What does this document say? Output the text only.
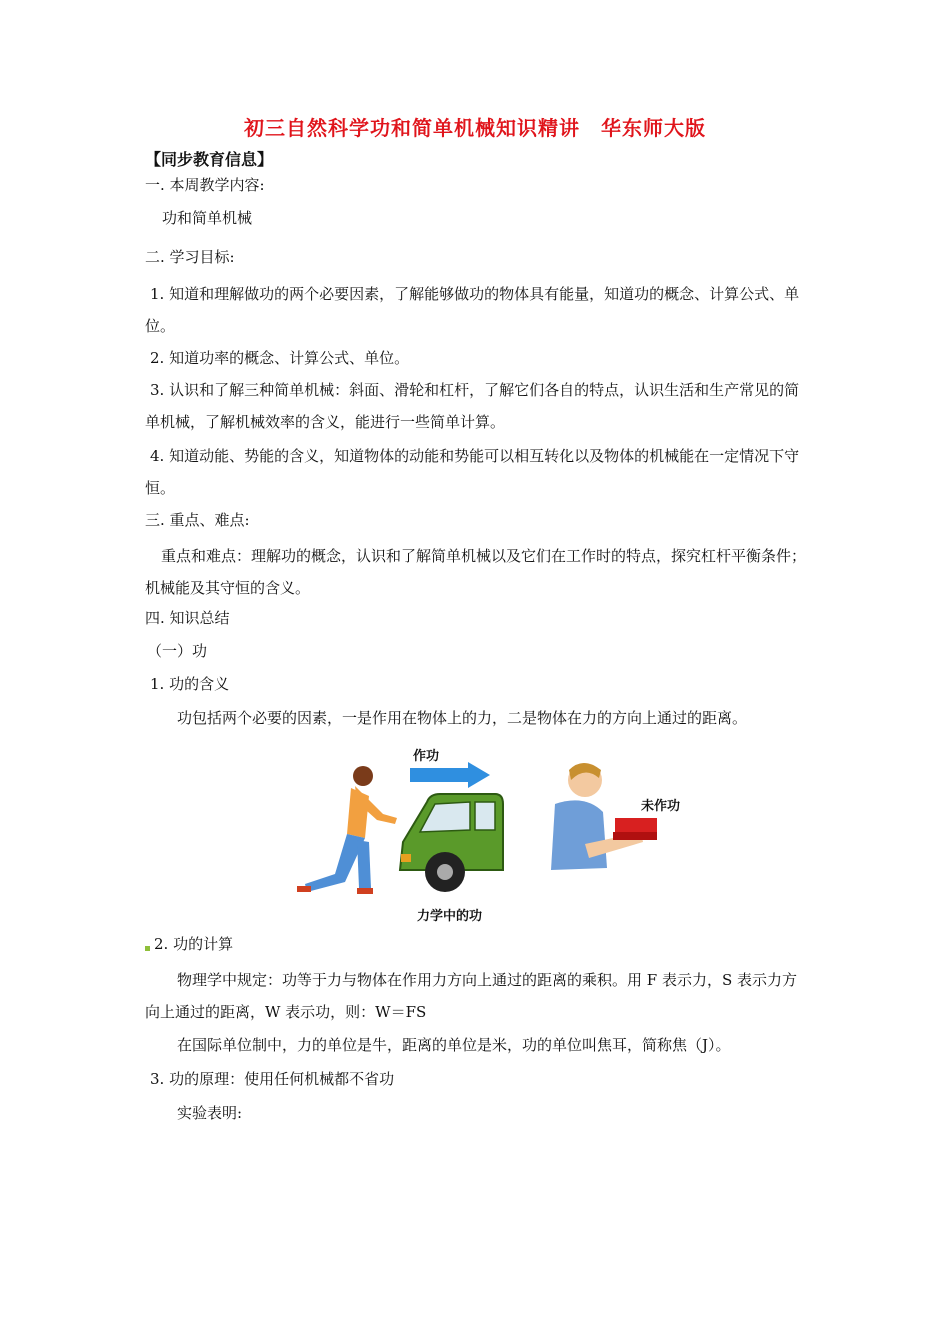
初三自然科学功和简单机械知识精讲　华东师大版
【同步教育信息】
一. 本周教学内容:
功和简单机械
二. 学习目标:
1. 知道和理解做功的两个必要因素，了解能够做功的物体具有能量，知道功的概念、计算公式、单位。
2. 知道功率的概念、计算公式、单位。
3. 认识和了解三种简单机械：斜面、滑轮和杠杆，了解它们各自的特点，认识生活和生产常见的简单机械，了解机械效率的含义，能进行一些简单计算。
4. 知道动能、势能的含义，知道物体的动能和势能可以相互转化以及物体的机械能在一定情况下守恒。
三. 重点、难点:
重点和难点：理解功的概念，认识和了解简单机械以及它们在工作时的特点，探究杠杆平衡条件；机械能及其守恒的含义。
四. 知识总结
（一）功
1. 功的含义
功包括两个必要的因素，一是作用在物体上的力，二是物体在力的方向上通过的距离。
作功
未作功
力学中的功
2. 功的计算
物理学中规定：功等于力与物体在作用力方向上通过的距离的乘积。用 F 表示力，S 表示力方向上通过的距离，W 表示功，则：W＝FS
在国际单位制中，力的单位是牛，距离的单位是米，功的单位叫焦耳，简称焦（J）。
3. 功的原理：使用任何机械都不省功
实验表明:
